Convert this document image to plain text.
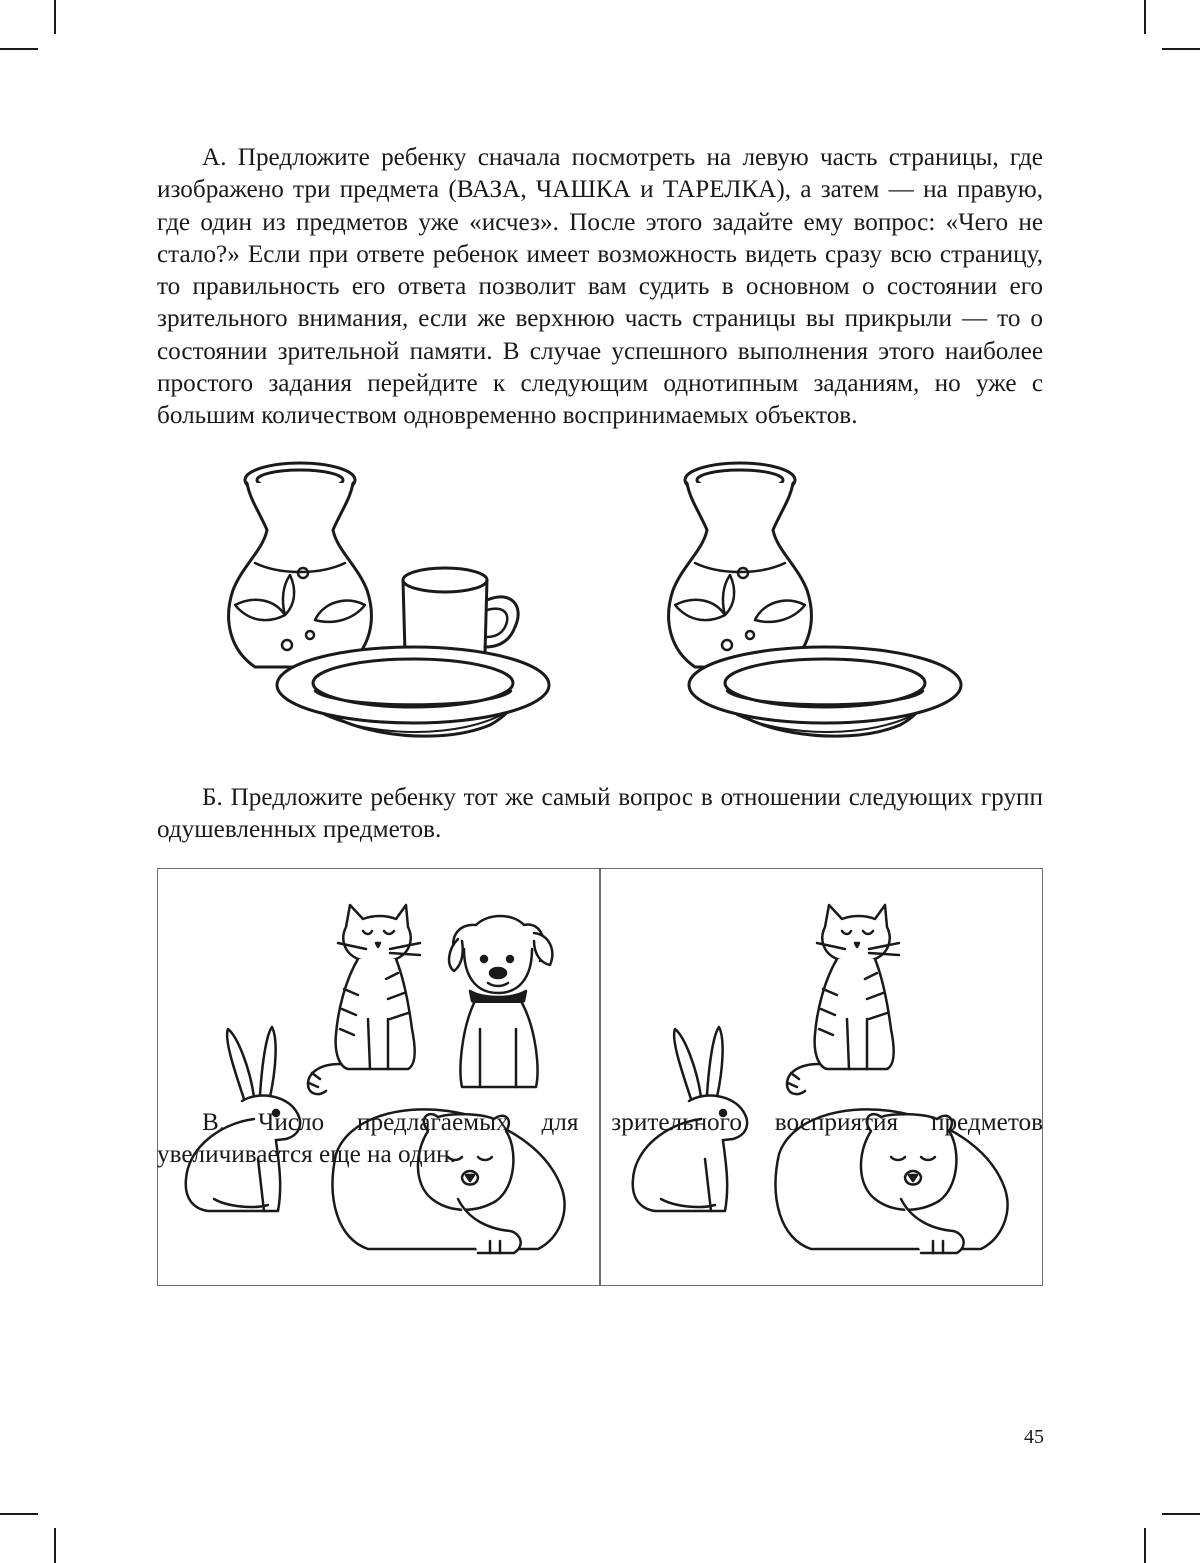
А. Предложите ребенку сначала посмотреть на левую часть страницы, где изображено три предмета (ВАЗА, ЧАШКА и ТАРЕЛКА), а затем — на правую, где один из предметов уже «исчез». После этого задайте ему вопрос: «Чего не стало?» Если при ответе ребенок имеет возможность видеть сразу всю страницу, то правильность его ответа позволит вам судить в основном о состоянии его зрительного внимания, если же верхнюю часть страницы вы прикрыли — то о состоянии зрительной памяти. В случае успешного выполнения этого наиболее простого задания перейдите к следующим однотипным заданиям, но уже с большим количеством одновременно воспринимаемых объектов.

Б. Предложите ребенку тот же самый вопрос в отношении следующих групп одушевленных предметов.

В. Число предлагаемых для зрительного восприятия предметов увеличивается еще на один.

45
